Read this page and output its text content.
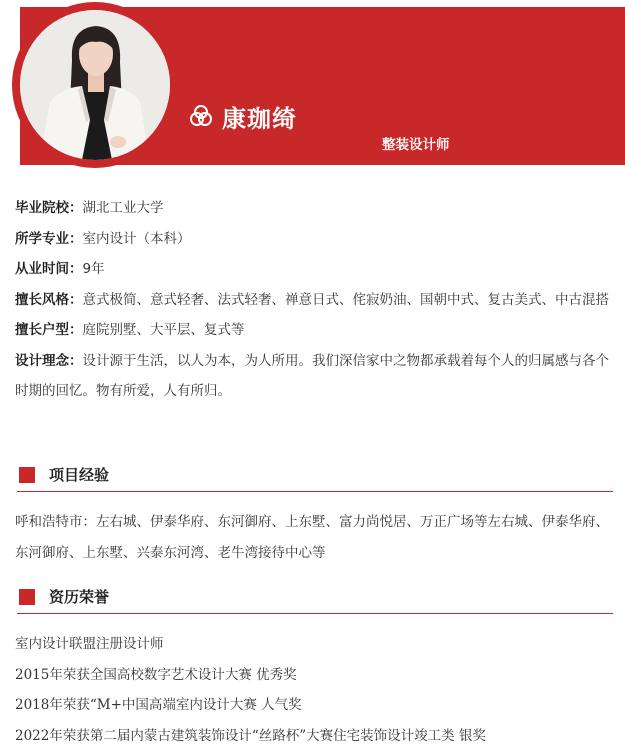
康珈绮
整装设计师
毕业院校：湖北工业大学
所学专业：室内设计（本科）
从业时间：9年
擅长风格：意式极简、意式轻奢、法式轻奢、禅意日式、侘寂奶油、国朝中式、复古美式、中古混搭
擅长户型：庭院别墅、大平层、复式等
设计理念：设计源于生活，以人为本，为人所用。我们深信家中之物都承载着每个人的归属感与各个时期的回忆。物有所爱，人有所归。
项目经验
呼和浩特市：左右城、伊泰华府、东河御府、上东墅、富力尚悦居、万正广场等左右城、伊泰华府、东河御府、上东墅、兴泰东河湾、老牛湾接待中心等
资历荣誉
室内设计联盟注册设计师
2015年荣获全国高校数字艺术设计大赛 优秀奖
2018年荣获“M+中国高端室内设计大赛 人气奖
2022年荣获第二届内蒙古建筑装饰设计“丝路杯”大赛住宅装饰设计竣工类 银奖
